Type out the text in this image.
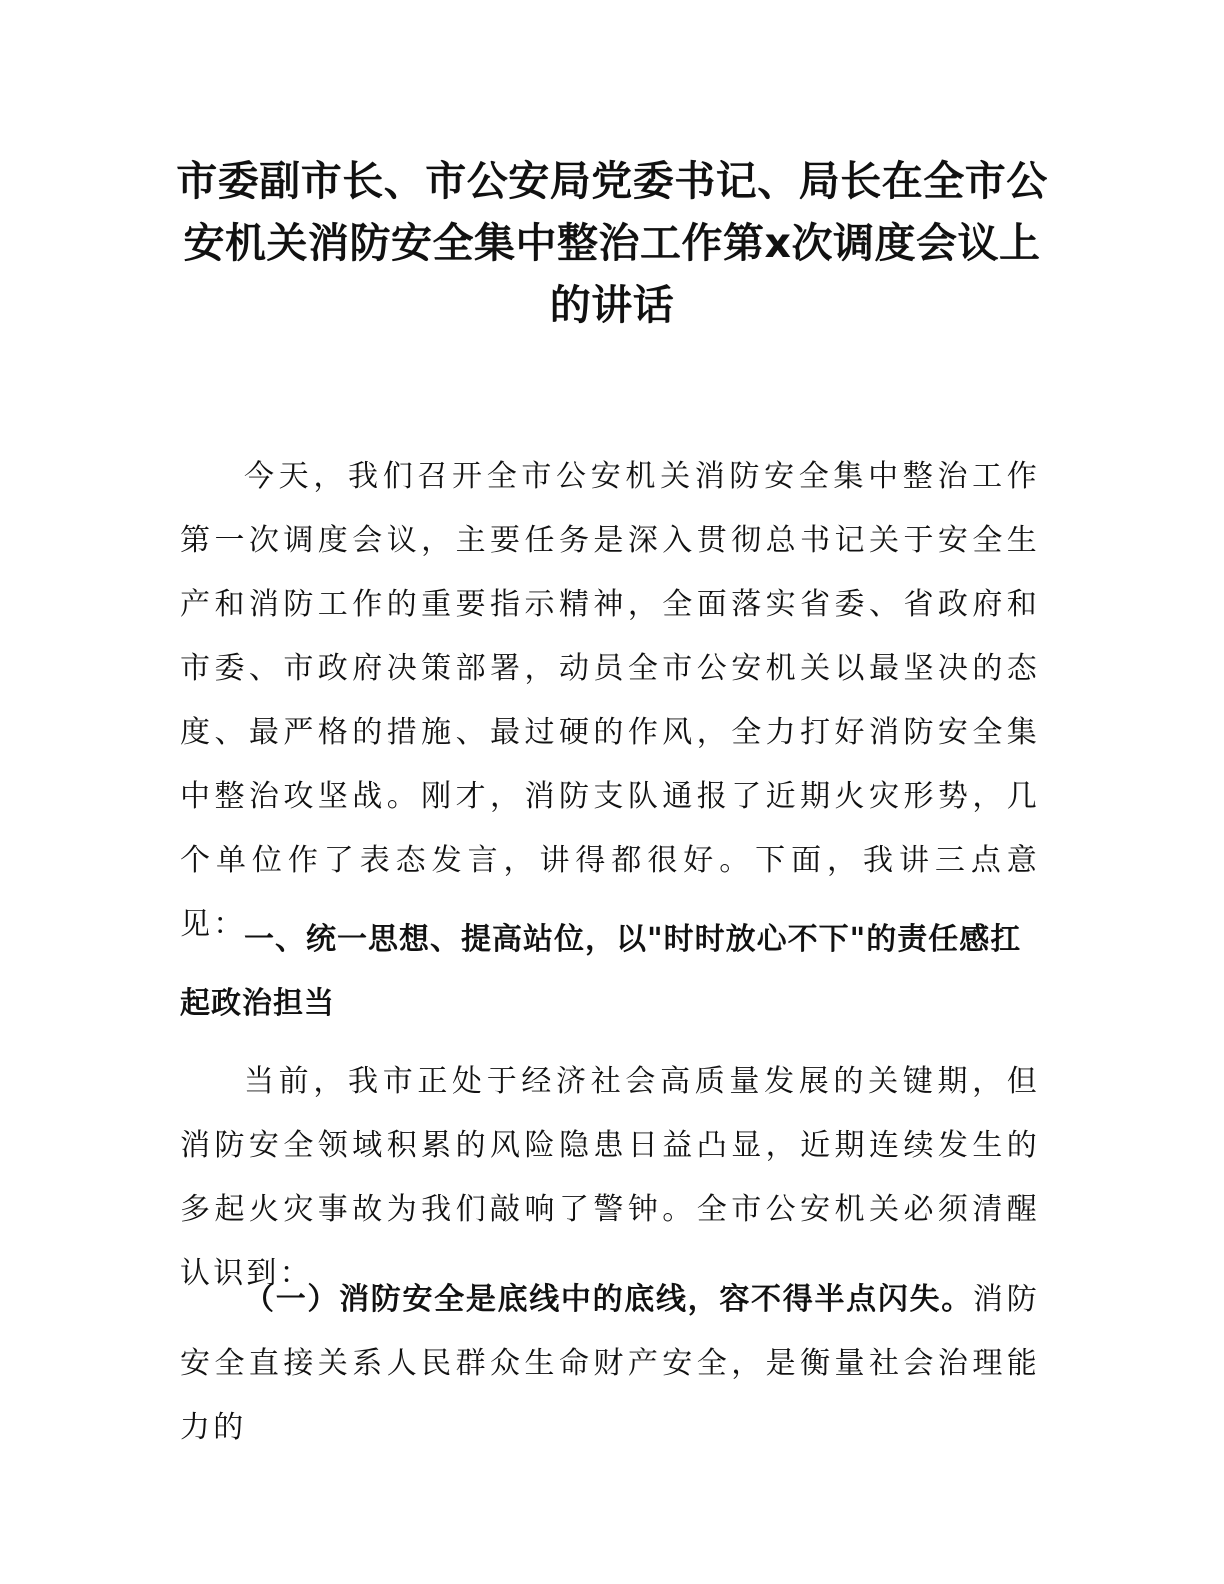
市委副市长、市公安局党委书记、局长在全市公安机关消防安全集中整治工作第x次调度会议上的讲话

今天，我们召开全市公安机关消防安全集中整治工作第一次调度会议，主要任务是深入贯彻总书记关于安全生产和消防工作的重要指示精神，全面落实省委、省政府和市委、市政府决策部署，动员全市公安机关以最坚决的态度、最严格的措施、最过硬的作风，全力打好消防安全集中整治攻坚战。刚才，消防支队通报了近期火灾形势，几个单位作了表态发言，讲得都很好。下面，我讲三点意见：

一、统一思想、提高站位，以"时时放心不下"的责任感扛起政治担当

当前，我市正处于经济社会高质量发展的关键期，但消防安全领域积累的风险隐患日益凸显，近期连续发生的多起火灾事故为我们敲响了警钟。全市公安机关必须清醒认识到：

（一）消防安全是底线中的底线，容不得半点闪失。消防安全直接关系人民群众生命财产安全，是衡量社会治理能力的
